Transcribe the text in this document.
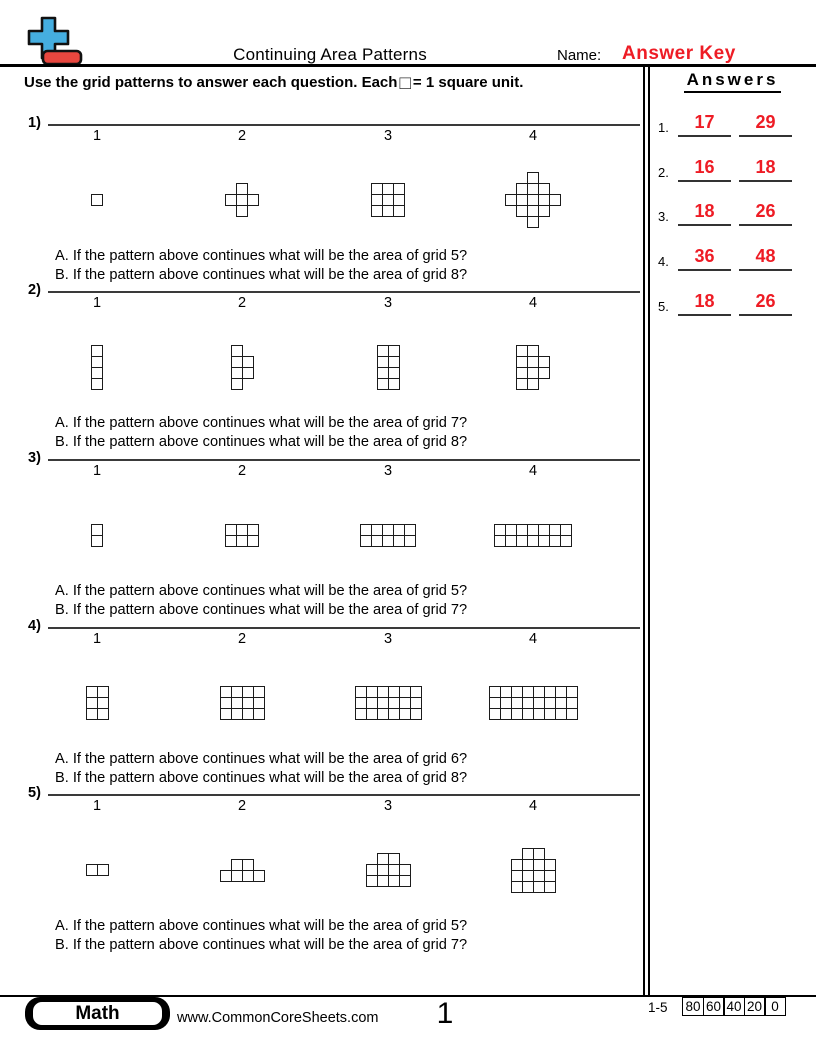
Continuing Area Patterns	Name: Answer Key
Use the grid patterns to answer each question. Each □ = 1 square unit.	Answers
1.	17	29
2.	16	18
3.	18	26
4.	36	48
5.	18	26
1)
1	2	3	4

A. If the pattern above continues what will be the area of grid 5?

B. If the pattern above continues what will be the area of grid 8?

2)
1	2	3	4

A. If the pattern above continues what will be the area of grid 7?

B. If the pattern above continues what will be the area of grid 8?

3)
1	2	3	4

A. If the pattern above continues what will be the area of grid 5?

B. If the pattern above continues what will be the area of grid 7?

4)
1	2	3	4

A. If the pattern above continues what will be the area of grid 6?

B. If the pattern above continues what will be the area of grid 8?

5)
1	2	3	4

A. If the pattern above continues what will be the area of grid 5?

B. If the pattern above continues what will be the area of grid 7?

Math	www.CommonCoreSheets.com	1	1-5 80 60 40 20 0
